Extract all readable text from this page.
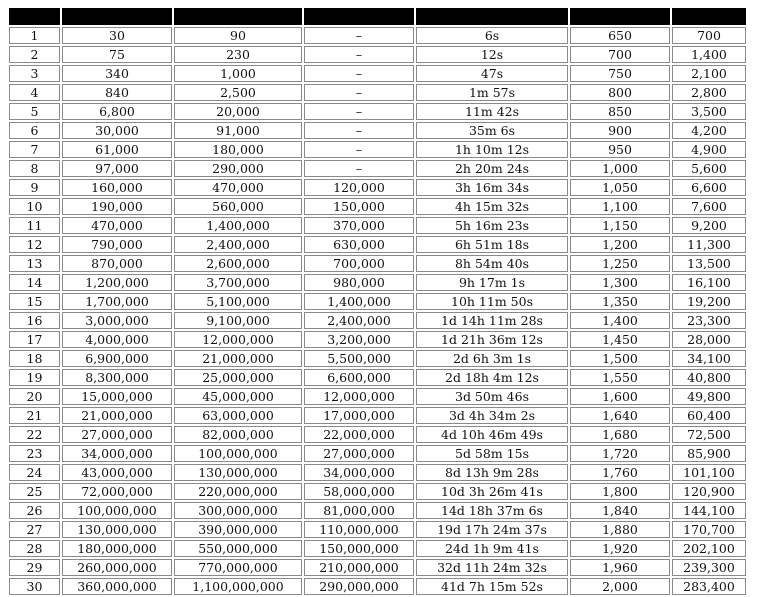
1	30	90	–	6s	650	700
2	75	230	–	12s	700	1,400
3	340	1,000	–	47s	750	2,100
4	840	2,500	–	1m 57s	800	2,800
5	6,800	20,000	–	11m 42s	850	3,500
6	30,000	91,000	–	35m 6s	900	4,200
7	61,000	180,000	–	1h 10m 12s	950	4,900
8	97,000	290,000	–	2h 20m 24s	1,000	5,600
9	160,000	470,000	120,000	3h 16m 34s	1,050	6,600
10	190,000	560,000	150,000	4h 15m 32s	1,100	7,600
11	470,000	1,400,000	370,000	5h 16m 23s	1,150	9,200
12	790,000	2,400,000	630,000	6h 51m 18s	1,200	11,300
13	870,000	2,600,000	700,000	8h 54m 40s	1,250	13,500
14	1,200,000	3,700,000	980,000	9h 17m 1s	1,300	16,100
15	1,700,000	5,100,000	1,400,000	10h 11m 50s	1,350	19,200
16	3,000,000	9,100,000	2,400,000	1d 14h 11m 28s	1,400	23,300
17	4,000,000	12,000,000	3,200,000	1d 21h 36m 12s	1,450	28,000
18	6,900,000	21,000,000	5,500,000	2d 6h 3m 1s	1,500	34,100
19	8,300,000	25,000,000	6,600,000	2d 18h 4m 12s	1,550	40,800
20	15,000,000	45,000,000	12,000,000	3d 50m 46s	1,600	49,800
21	21,000,000	63,000,000	17,000,000	3d 4h 34m 2s	1,640	60,400
22	27,000,000	82,000,000	22,000,000	4d 10h 46m 49s	1,680	72,500
23	34,000,000	100,000,000	27,000,000	5d 58m 15s	1,720	85,900
24	43,000,000	130,000,000	34,000,000	8d 13h 9m 28s	1,760	101,100
25	72,000,000	220,000,000	58,000,000	10d 3h 26m 41s	1,800	120,900
26	100,000,000	300,000,000	81,000,000	14d 18h 37m 6s	1,840	144,100
27	130,000,000	390,000,000	110,000,000	19d 17h 24m 37s	1,880	170,700
28	180,000,000	550,000,000	150,000,000	24d 1h 9m 41s	1,920	202,100
29	260,000,000	770,000,000	210,000,000	32d 11h 24m 32s	1,960	239,300
30	360,000,000	1,100,000,000	290,000,000	41d 7h 15m 52s	2,000	283,400
